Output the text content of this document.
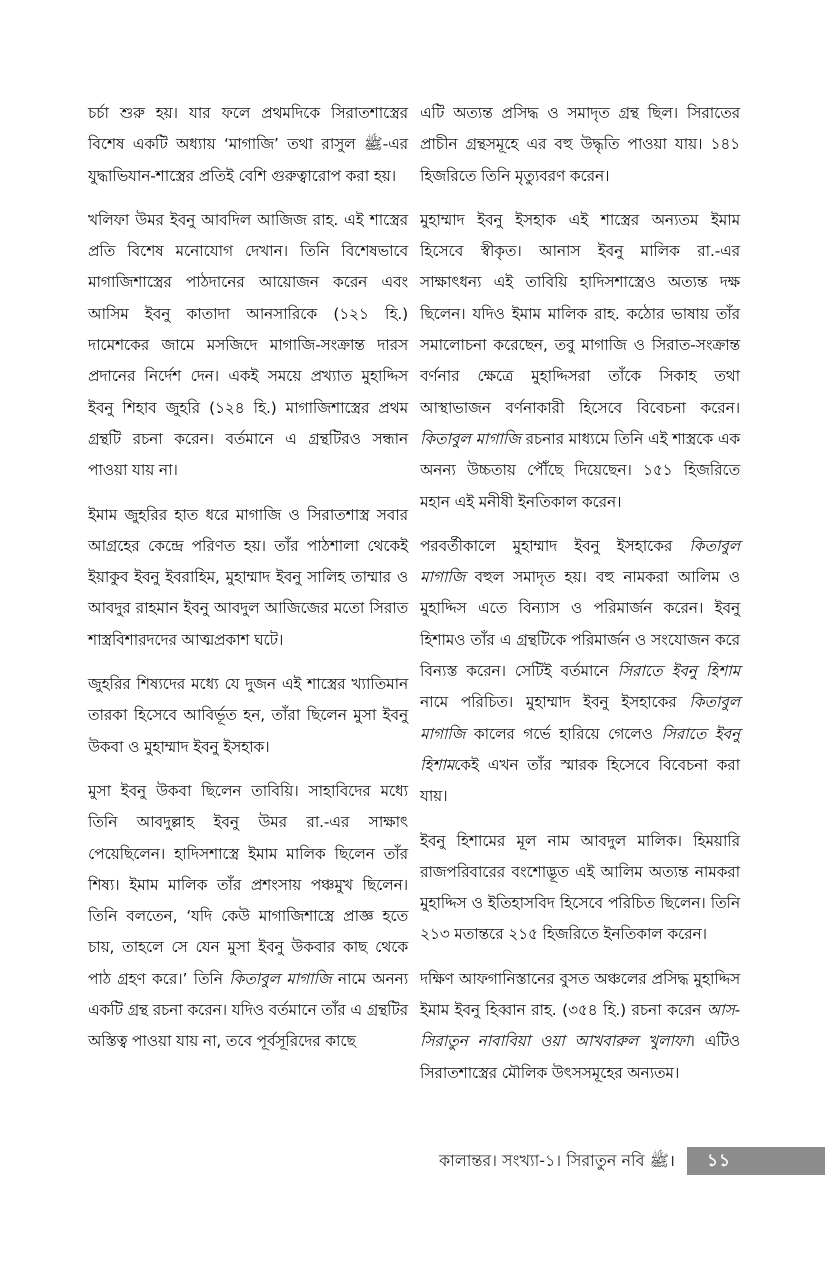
চর্চা শুরু হয়। যার ফলে প্রথমদিকে সিরাতশাস্ত্রের বিশেষ একটি অধ্যায় ‘মাগাজি’ তথা রাসুল ﷺ-এর যুদ্ধাভিযান-শাস্ত্রের প্রতিই বেশি গুরুত্বারোপ করা হয়।

খলিফা উমর ইবনু আবদিল আজিজ রাহ. এই শাস্ত্রের প্রতি বিশেষ মনোযোগ দেখান। তিনি বিশেষভাবে মাগাজিশাস্ত্রের পাঠদানের আয়োজন করেন এবং আসিম ইবনু কাতাদা আনসারিকে (১২১ হি.) দামেশকের জামে মসজিদে মাগাজি-সংক্রান্ত দারস প্রদানের নির্দেশ দেন। একই সময়ে প্রখ্যাত মুহাদ্দিস ইবনু শিহাব জুহরি (১২৪ হি.) মাগাজিশাস্ত্রের প্রথম গ্রন্থটি রচনা করেন। বর্তমানে এ গ্রন্থটিরও সন্ধান পাওয়া যায় না।

ইমাম জুহরির হাত ধরে মাগাজি ও সিরাতশাস্ত্র সবার আগ্রহের কেন্দ্রে পরিণত হয়। তাঁর পাঠশালা থেকেই ইয়াকুব ইবনু ইবরাহিম, মুহাম্মাদ ইবনু সালিহ তাম্মার ও আবদুর রাহমান ইবনু আবদুল আজিজের মতো সিরাত শাস্ত্রবিশারদদের আত্মপ্রকাশ ঘটে।

জুহরির শিষ্যদের মধ্যে যে দুজন এই শাস্ত্রের খ্যাতিমান তারকা হিসেবে আবির্ভূত হন, তাঁরা ছিলেন মুসা ইবনু উকবা ও মুহাম্মাদ ইবনু ইসহাক।

মুসা ইবনু উকবা ছিলেন তাবিয়ি। সাহাবিদের মধ্যে তিনি আবদুল্লাহ ইবনু উমর রা.-এর সাক্ষাৎ পেয়েছিলেন। হাদিসশাস্ত্রে ইমাম মালিক ছিলেন তাঁর শিষ্য। ইমাম মালিক তাঁর প্রশংসায় পঞ্চমুখ ছিলেন। তিনি বলতেন, ‘যদি কেউ মাগাজিশাস্ত্রে প্রাজ্ঞ হতে চায়, তাহলে সে যেন মুসা ইবনু উকবার কাছ থেকে পাঠ গ্রহণ করে।’ তিনি কিতাবুল মাগাজি নামে অনন্য একটি গ্রন্থ রচনা করেন। যদিও বর্তমানে তাঁর এ গ্রন্থটির অস্তিত্ব পাওয়া যায় না, তবে পূর্বসূরিদের কাছে

এটি অত্যন্ত প্রসিদ্ধ ও সমাদৃত গ্রন্থ ছিল। সিরাতের প্রাচীন গ্রন্থসমূহে এর বহু উদ্ধৃতি পাওয়া যায়। ১৪১ হিজরিতে তিনি মৃত্যুবরণ করেন।

মুহাম্মাদ ইবনু ইসহাক এই শাস্ত্রের অন্যতম ইমাম হিসেবে স্বীকৃত। আনাস ইবনু মালিক রা.-এর সাক্ষাৎধন্য এই তাবিয়ি হাদিসশাস্ত্রেও অত্যন্ত দক্ষ ছিলেন। যদিও ইমাম মালিক রাহ. কঠোর ভাষায় তাঁর সমালোচনা করেছেন, তবু মাগাজি ও সিরাত-সংক্রান্ত বর্ণনার ক্ষেত্রে মুহাদ্দিসরা তাঁকে সিকাহ তথা আস্থাভাজন বর্ণনাকারী হিসেবে বিবেচনা করেন। কিতাবুল মাগাজি রচনার মাধ্যমে তিনি এই শাস্ত্রকে এক অনন্য উচ্চতায় পৌঁছে দিয়েছেন। ১৫১ হিজরিতে মহান এই মনীষী ইনতিকাল করেন।

পরবর্তীকালে মুহাম্মাদ ইবনু ইসহাকের কিতাবুল মাগাজি বহুল সমাদৃত হয়। বহু নামকরা আলিম ও মুহাদ্দিস এতে বিন্যাস ও পরিমার্জন করেন। ইবনু হিশামও তাঁর এ গ্রন্থটিকে পরিমার্জন ও সংযোজন করে বিন্যস্ত করেন। সেটিই বর্তমানে সিরাতে ইবনু হিশাম নামে পরিচিত। মুহাম্মাদ ইবনু ইসহাকের কিতাবুল মাগাজি কালের গর্ভে হারিয়ে গেলেও সিরাতে ইবনু হিশামকেই এখন তাঁর স্মারক হিসেবে বিবেচনা করা যায়।

ইবনু হিশামের মূল নাম আবদুল মালিক। হিময়ারি রাজপরিবারের বংশোদ্ভূত এই আলিম অত্যন্ত নামকরা মুহাদ্দিস ও ইতিহাসবিদ হিসেবে পরিচিত ছিলেন। তিনি ২১৩ মতান্তরে ২১৫ হিজরিতে ইনতিকাল করেন।

দক্ষিণ আফগানিস্তানের বুসত অঞ্চলের প্রসিদ্ধ মুহাদ্দিস ইমাম ইবনু হিব্বান রাহ. (৩৫৪ হি.) রচনা করেন আস-সিরাতুন নাবাবিয়া ওয়া আখবারুল খুলাফা। এটিও সিরাতশাস্ত্রের মৌলিক উৎসসমূহের অন্যতম।

কালান্তর। সংখ্যা-১। সিরাতুন নবি ﷺ। ১১
